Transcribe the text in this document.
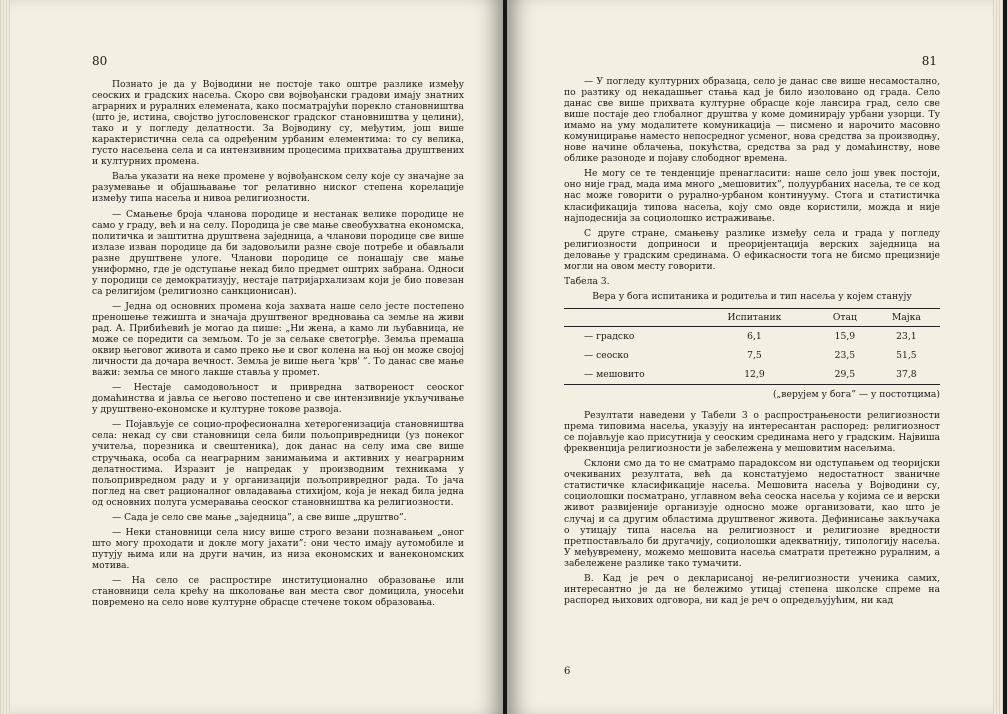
80

Познато је да у Војводини не постоје тако оштре разлике између сеоских и градских насеља. Скоро сви војвођански градови имају знатних аграрних и руралних елемената, како посматрајући порекло становништва (што је, истина, својство југословенског градског становништва у целини), тако и у погледу делатности. За Војводину су, међутим, још више карактеристична села са одређеним урбаним елементима: то су велика, густо насељена села и са интензивним процесима прихватања друштвених и културних промена.

Ваља указати на неке промене у војвођанском селу које су значајне за разумевање и објашњавање тог релативно ниског степена корелације између типа насеља и нивоа религиозности.

— Смањење броја чланова породице и нестанак велике породице не само у граду, већ и на селу. Породица је све мање свеобухватна економска, политичка и заштитна друштвена заједница, а чланови породице све више излазе изван породице да би задовољили разне своје потребе и обављали разне друштвене улоге. Чланови породице се понашају све мање униформно, где је одступање некад било предмет оштрих забрана. Односи у породици се демократизују, нестаје патријархализам који је био повезан са религијом (религиозно санкционисан).

— Једна од основних промена која захвата наше село јесте постепено преношење тежишта и значаја друштвеног вредновања са земље на живи рад. А. Прибићевић је могао да пише: „Ни жена, а камо ли љубавница, не може се поредити са земљом. То је за сељаке светогрђе. Земља премаша оквир његовог живота и само преко ње и свог колена на њој он може својој личности да дочара вечност. Земља је више њега 'крв' ”. То данас све мање важи: земља се много лакше ставља у промет.

— Нестаје самодовољност и привредна затвореност сеоског домаћинства и јавља се његово постепено и све интензивније укључивање у друштвено-економске и културне токове развоја.

— Појављује се социо-професионална хетерогенизација становништва села: некад су сви становници села били пољопривредници (уз понеког учитеља, порезника и свештеника), док данас на селу има све више стручњака, особа са неаграрним занимањима и активних у неаграрним делатностима. Изразит је напредак у производним техникама у пољопривредном раду и у организацији пољопривредног рада. То јача поглед на свет рационалног овладавања стихијом, која је некад била једна од основних полуга усмеравања сеоског становништва ка религиозности.

— Сада је село све мање „заједница”, а све више „друштво”.

— Неки становници села нису више строго везани познавањем „оног што могу проходати и докле могу јахати”: они често имају аутомобиле и путују њима или на други начин, из низа економских и ванекономских мотива.

— На село се распростире институционално образовање или становници села крећу на школовање ван места свог домицила, уносећи повремено на село нове културне обрасце стечене током образовања.

81

— У погледу културних образаца, село је данас све више несамостално, по разтику од некадашњег стања кад је било изоловано од града. Село данас све више прихвата културне обрасце које лансира град, село све више постаје део глобалног друштва у коме доминирају урбани узорци. Ту имамо на уму модалитете комуникација — писмено и нарочито масовно комуницирање наместо непосредног усменог, нова средства за производњу, нове начине облачења, покућства, средства за рад у домаћинству, нове облике разоноде и појаву слободног времена.

Не могу се те тенденције пренагласити: наше село још увек постоји, оно није град, мада има много „мешовитих”, полуурбаних насеља, те се код нас може говорити о рурално-урбаном континууму. Стога и статистичка класификација типова насеља, коју смо овде користили, можда и није најподеснија за социолошко истраживање.

С друге стране, смањењу разлике између села и града у погледу религиозности доприноси и преоријентација верских заједница на деловање у градским срединама. О ефикасности тога не бисмо прецизније могли на овом месту говорити.

Табела 3.

Вера у бога испитаника и родитеља и тип насеља у којем станују
	Испитаник	Отац	Мајка
— градско	6,1	15,9	23,1
— сеоско	7,5	23,5	51,5
— мешовито	12,9	29,5	37,8
(„верујем у бога” — у постотцима)

Резултати наведени у Табели 3 о распрострањености религиозности према типовима насеља, указују на интересантан распоред: религиозност се појављује као присутнија у сеоским срединама него у градским. Највиша фреквенција религиозности је забележена у мешовитим насељима.

Склони смо да то не сматрамо парадоксом ни одступањем од теоријски очекиваних резултата, већ да констатујемо недостатност званичне статистичке класификације насеља. Мешовита насеља у Војводини су, социолошки посматрано, углавном већа сеоска насеља у којима се и верски живот развијеније организује односно може организовати, као што је случај и са другим областима друштвеног живота. Дефинисање закључака о утицају типа насеља на религиозност и религиозне вредности претпостављало би другачију, социолошки адекватнију, типологију насеља. У међувремену, можемо мешовита насеља сматрати претежно руралним, а забележене разлике тако тумачити.

В. Кад је реч о декларисаној не-религиозности ученика самих, интересантно је да не бележимо утицај степена школске спреме на распоред њихових одговора, ни кад је реч о опредељујућим, ни кад

6
